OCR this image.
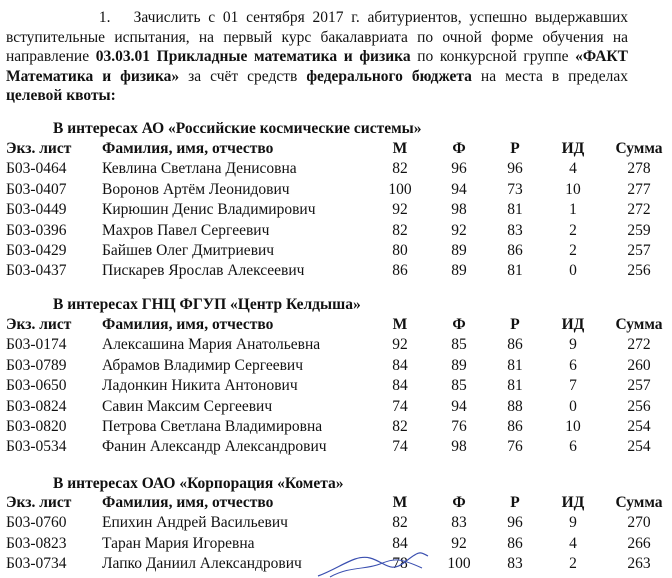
1. Зачислить с 01 сентября 2017 г. абитуриентов, успешно выдержавших вступительные испытания, на первый курс бакалавриата по очной форме обучения на направление 03.03.01 Прикладные математика и физика по конкурсной группе «ФАКТ Математика и физика» за счёт средств федерального бюджета на места в пределах целевой квоты:

В интересах АО «Российские космические системы»
Экз. лист	Фамилия, имя, отчество	М	Ф	Р	ИД	Сумма
Б03-0464	Кевлина Светлана Денисовна	82	96	96	4	278
Б03-0407	Воронов Артём Леонидович	100	94	73	10	277
Б03-0449	Кирюшин Денис Владимирович	92	98	81	1	272
Б03-0396	Махров Павел Сергеевич	82	92	83	2	259
Б03-0429	Байшев Олег Дмитриевич	80	89	86	2	257
Б03-0437	Пискарев Ярослав Алексеевич	86	89	81	0	256
В интересах ГНЦ ФГУП «Центр Келдыша»
Экз. лист	Фамилия, имя, отчество	М	Ф	Р	ИД	Сумма
Б03-0174	Алексашина Мария Анатольевна	92	85	86	9	272
Б03-0789	Абрамов Владимир Сергеевич	84	89	81	6	260
Б03-0650	Ладонкин Никита Антонович	84	85	81	7	257
Б03-0824	Савин Максим Сергеевич	74	94	88	0	256
Б03-0820	Петрова Светлана Владимировна	82	76	86	10	254
Б03-0534	Фанин Александр Александрович	74	98	76	6	254
В интересах ОАО «Корпорация «Комета»
Экз. лист	Фамилия, имя, отчество	М	Ф	Р	ИД	Сумма
Б03-0760	Епихин Андрей Васильевич	82	83	96	9	270
Б03-0823	Таран Мария Игоревна	84	92	86	4	266
Б03-0734	Лапко Даниил Александрович	78	100	83	2	263
